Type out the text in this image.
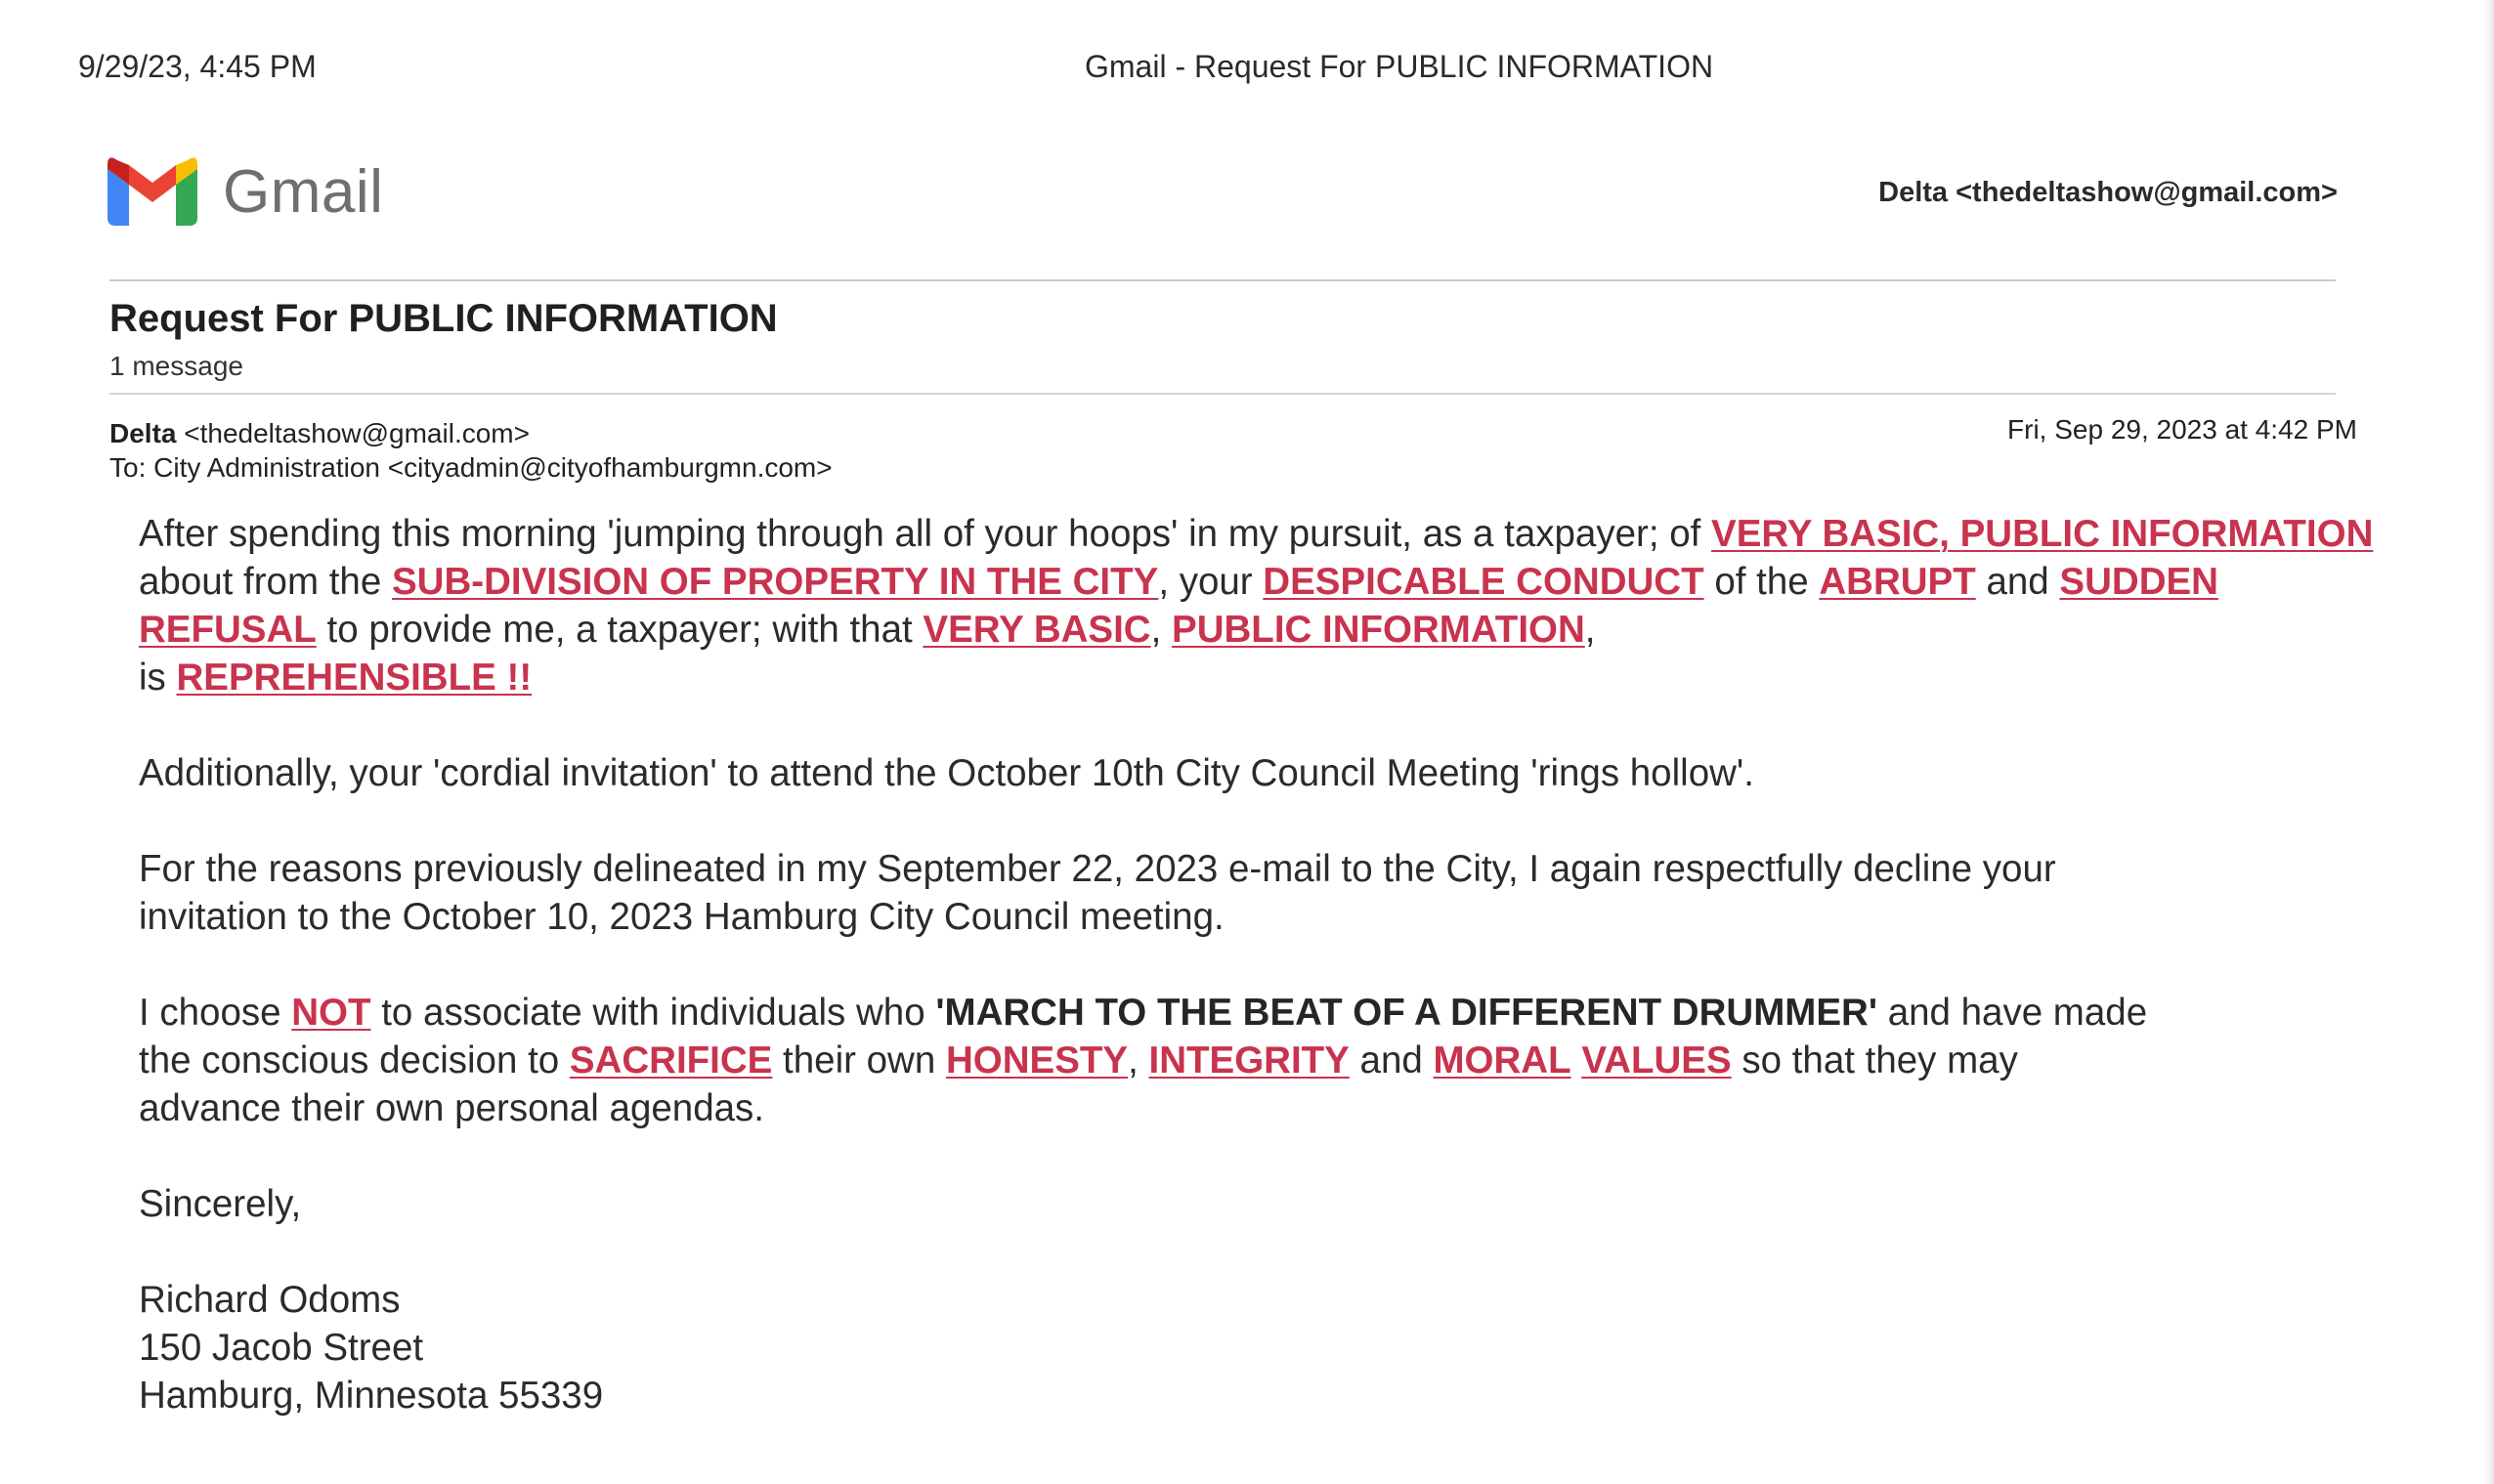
9/29/23, 4:45 PM	Gmail - Request For PUBLIC INFORMATION
Gmail	Delta <thedeltashow@gmail.com>
Request For PUBLIC INFORMATION
1 message
Delta <thedeltashow@gmail.com>
To: City Administration <cityadmin@cityofhamburgmn.com>
Fri, Sep 29, 2023 at 4:42 PM

After spending this morning 'jumping through all of your hoops' in my pursuit, as a taxpayer; of VERY BASIC, PUBLIC INFORMATION about from the SUB-DIVISION OF PROPERTY IN THE CITY, your DESPICABLE CONDUCT of the ABRUPT and SUDDEN REFUSAL to provide me, a taxpayer; with that VERY BASIC, PUBLIC INFORMATION,
is REPREHENSIBLE !!

Additionally, your 'cordial invitation' to attend the October 10th City Council Meeting 'rings hollow'.

For the reasons previously delineated in my September 22, 2023 e-mail to the City, I again respectfully decline your
invitation to the October 10, 2023 Hamburg City Council meeting.

I choose NOT to associate with individuals who 'MARCH TO THE BEAT OF A DIFFERENT DRUMMER' and have made
the conscious decision to SACRIFICE their own HONESTY, INTEGRITY and MORAL VALUES so that they may
advance their own personal agendas.

Sincerely,

Richard Odoms

150 Jacob Street

Hamburg, Minnesota 55339
